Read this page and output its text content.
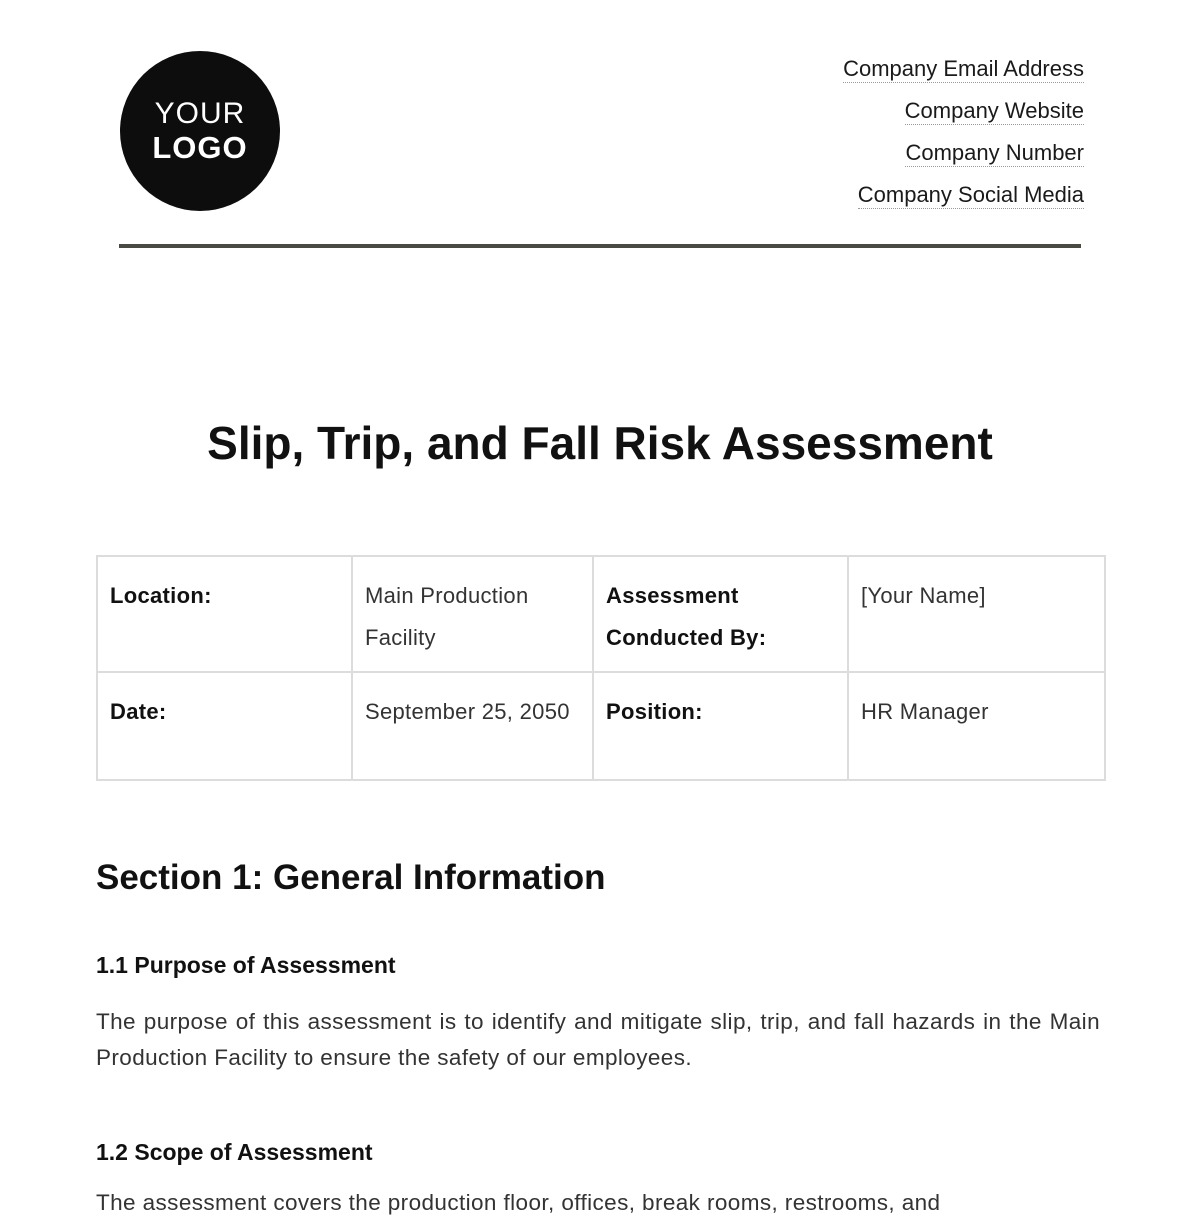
YOUR
LOGO
Company Email Address
Company Website
Company Number
Company Social Media
Slip, Trip, and Fall Risk Assessment
Location:	Main Production Facility	Assessment Conducted By:	[Your Name]
Date:	September 25, 2050	Position:	HR Manager
Section 1: General Information
1.1 Purpose of Assessment

The purpose of this assessment is to identify and mitigate slip, trip, and fall hazards in the Main Production Facility to ensure the safety of our employees.

1.2 Scope of Assessment

The assessment covers the production floor, offices, break rooms, restrooms, and
